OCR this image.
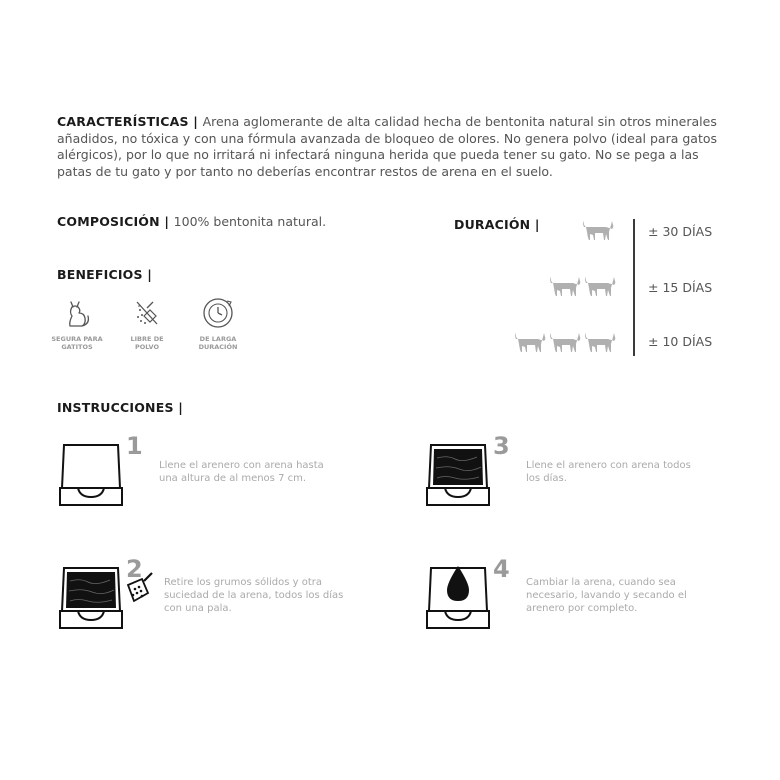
CARACTERÍSTICAS | Arena aglomerante de alta calidad hecha de bentonita natural sin otros minerales añadidos, no tóxica y con una fórmula avanzada de bloqueo de olores. No genera polvo (ideal para gatos alérgicos), por lo que no irritará ni infectará ninguna herida que pueda tener su gato. No se pega a las patas de tu gato y por tanto no deberías encontrar restos de arena en el suelo.
COMPOSICIÓN | 100% bentonita natural.
BENEFICIOS |
SEGURA PARA
GATITOS
LIBRE DE
POLVO
DE LARGA
DURACIÓN
DURACIÓN |	± 30 DÍAS
± 15 DÍAS
± 10 DÍAS
INSTRUCCIONES |
1
Llene el arenero con arena hasta una altura de al menos 7 cm.
3
Llene el arenero con arena todos los días.
2 Retire los grumos sólidos y otra suciedad de la arena, todos los días con una pala.
4 Cambiar la arena, cuando sea necesario, lavando y secando el arenero por completo.
